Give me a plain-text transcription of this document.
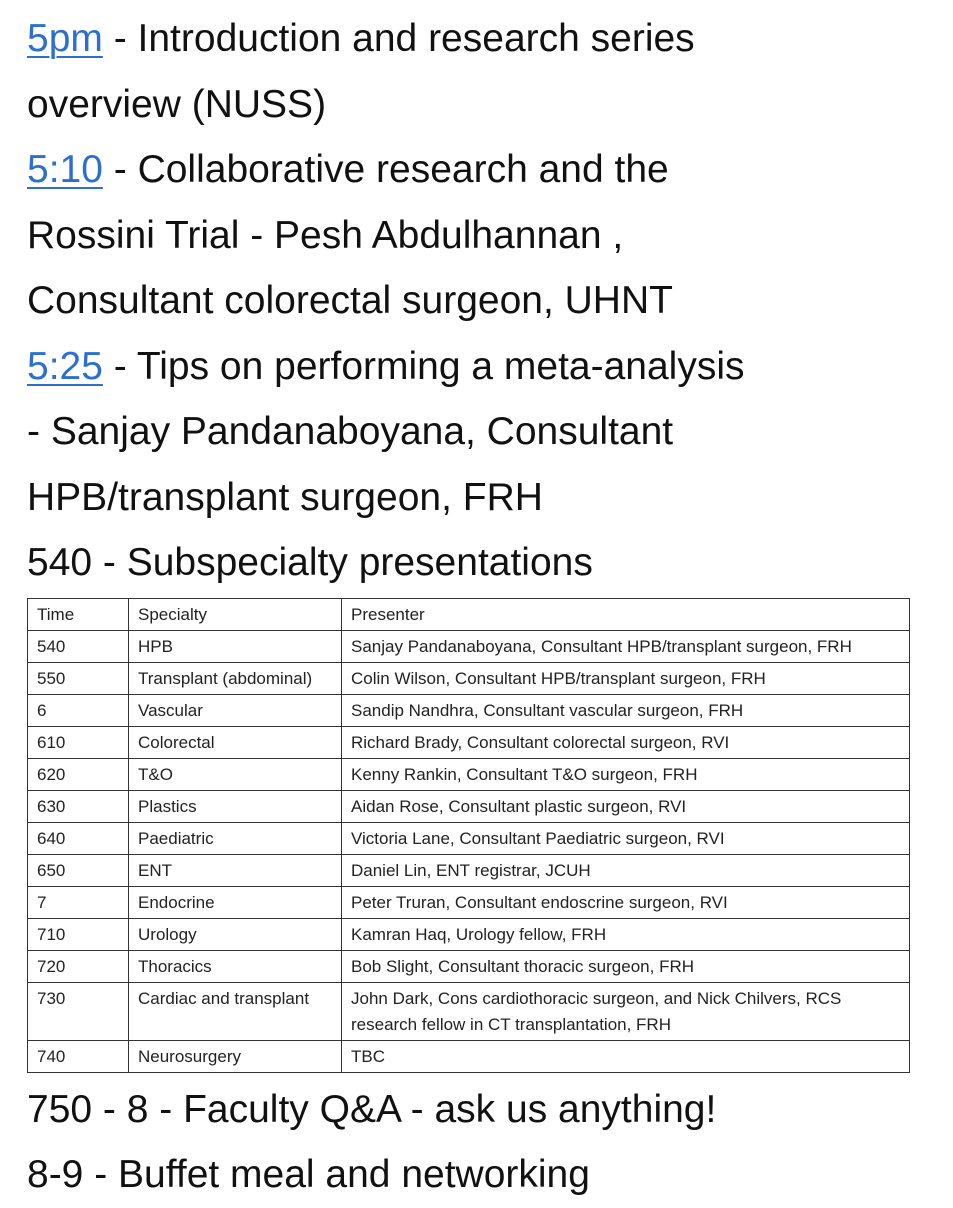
5pm - Introduction and research series
overview (NUSS)
5:10 - Collaborative research and the
Rossini Trial - Pesh Abdulhannan ,
Consultant colorectal surgeon, UHNT
5:25 - Tips on performing a meta-analysis
- Sanjay Pandanaboyana, Consultant
HPB/transplant surgeon, FRH
540 - Subspecialty presentations
Time	Specialty	Presenter
540	HPB	Sanjay Pandanaboyana, Consultant HPB/transplant surgeon, FRH
550	Transplant (abdominal)	Colin Wilson, Consultant HPB/transplant surgeon, FRH
6	Vascular	Sandip Nandhra, Consultant vascular surgeon, FRH
610	Colorectal	Richard Brady, Consultant colorectal surgeon, RVI
620	T&O	Kenny Rankin, Consultant T&O surgeon, FRH
630	Plastics	Aidan Rose, Consultant plastic surgeon, RVI
640	Paediatric	Victoria Lane, Consultant Paediatric surgeon, RVI
650	ENT	Daniel Lin, ENT registrar, JCUH
7	Endocrine	Peter Truran, Consultant endoscrine surgeon, RVI
710	Urology	Kamran Haq, Urology fellow, FRH
720	Thoracics	Bob Slight, Consultant thoracic surgeon, FRH
730	Cardiac and transplant	John Dark, Cons cardiothoracic surgeon, and Nick Chilvers, RCS research fellow in CT transplantation, FRH
740	Neurosurgery	TBC
750 - 8 - Faculty Q&A - ask us anything!
8-9 - Buffet meal and networking
